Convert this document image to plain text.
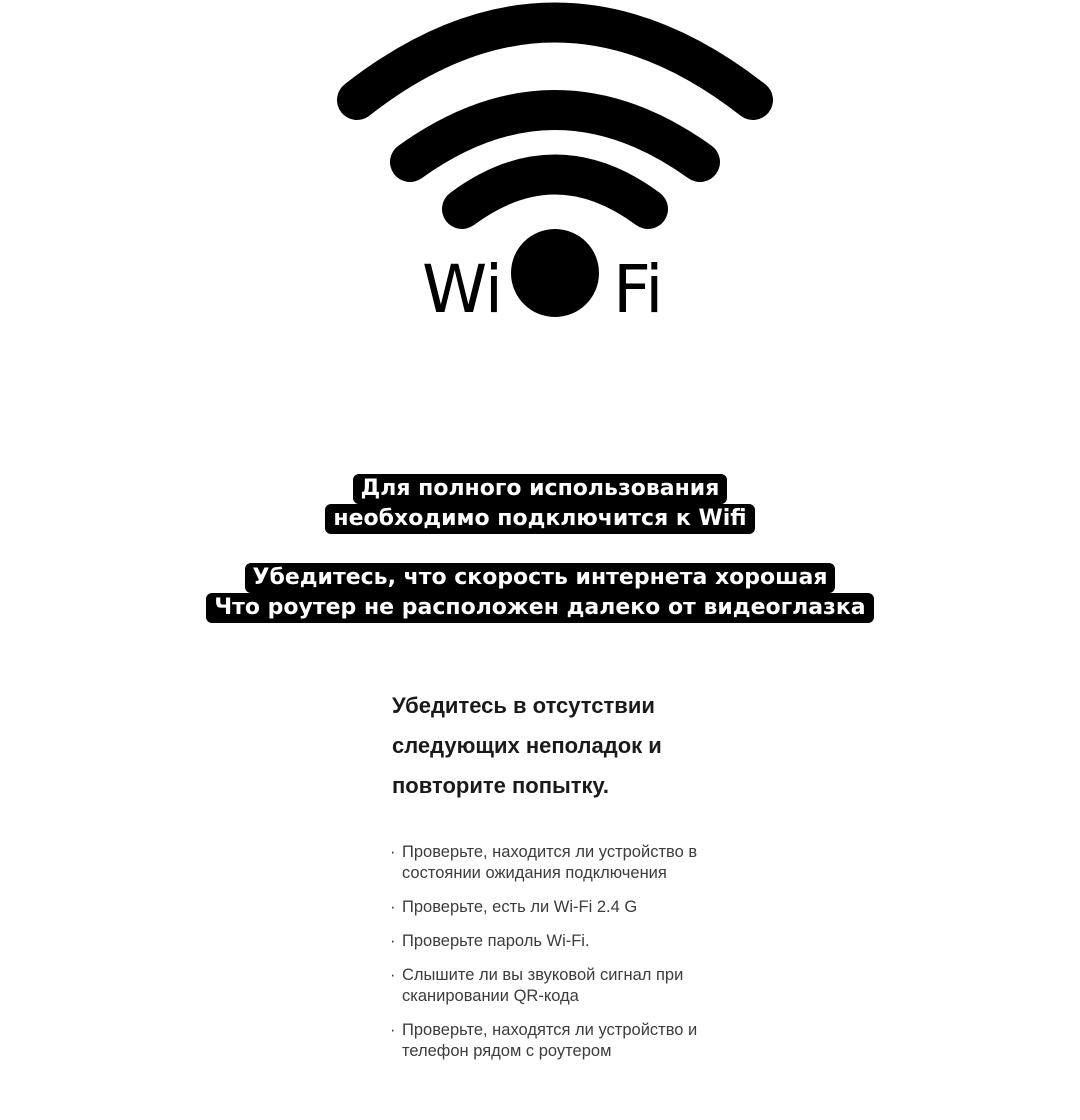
Wi Fi
Для полного использования
необходимо подключится к Wifi
Убедитесь, что скорость интернета хорошая
Что роутер не расположен далеко от видеоглазка
Убедитесь в отсутствии
следующих неполадок и
повторите попытку.
· Проверьте, находится ли устройство в
состоянии ожидания подключения
· Проверьте, есть ли Wi-Fi 2.4 G
· Проверьте пароль Wi-Fi.
· Слышите ли вы звуковой сигнал при
сканировании QR-кода
· Проверьте, находятся ли устройство и
телефон рядом с роутером
